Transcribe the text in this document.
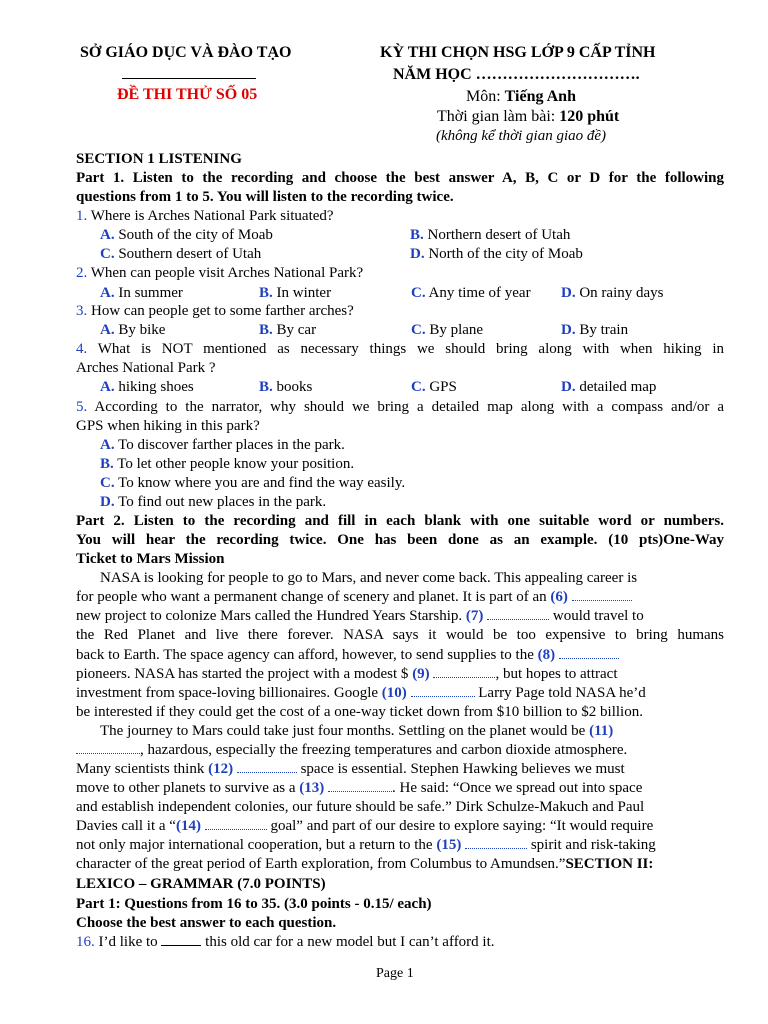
SỞ GIÁO DỤC VÀ ĐÀO TẠO
ĐỀ THI THỬ SỐ 05
KỲ THI CHỌN HSG LỚP 9 CẤP TỈNH
NĂM HỌC ………………………….
Môn: Tiếng Anh
Thời gian làm bài: 120 phút
(không kể thời gian giao đề)
SECTION 1 LISTENING
Part 1. Listen to the recording and choose the best answer A, B, C or D for the following
questions from 1 to 5. You will listen to the recording twice.
1. Where is Arches National Park situated?
A. South of the city of Moab	B. Northern desert of Utah
C. Southern desert of Utah	D. North of the city of Moab
2. When can people visit Arches National Park?
A. In summer	B. In winter	C. Any time of year D. On rainy days
3. How can people get to some farther arches?
A. By bike	B. By car	C. By plane	D. By train
4. What is NOT mentioned as necessary things we should bring along with when hiking in
Arches National Park ?
A. hiking shoes	B. books	C. GPS	D. detailed map
5. According to the narrator, why should we bring a detailed map along with a compass and/or a
GPS when hiking in this park?
A. To discover farther places in the park.
B. To let other people know your position.
C. To know where you are and find the way easily.
D. To find out new places in the park.
Part 2. Listen to the recording and fill in each blank with one suitable word or numbers.
You will hear the recording twice. One has been done as an example. (10 pts)One-Way
Ticket to Mars Mission
NASA is looking for people to go to Mars, and never come back. This appealing career is
for people who want a permanent change of scenery and planet. It is part of an (6)
new project to colonize Mars called the Hundred Years Starship. (7)	would travel to
the Red Planet and live there forever. NASA says it would be too expensive to bring humans
back to Earth. The space agency can afford, however, to send supplies to the (8)
pioneers. NASA has started the project with a modest $ (9)	, but hopes to attract
investment from space-loving billionaires. Google (10)	Larry Page told NASA he’d
be interested if they could get the cost of a one-way ticket down from $10 billion to $2 billion.
The journey to Mars could take just four months. Settling on the planet would be (11)
, hazardous, especially the freezing temperatures and carbon dioxide atmosphere.
Many scientists think (12)	space is essential. Stephen Hawking believes we must
move to other planets to survive as a (13)	. He said: “Once we spread out into space
and establish independent colonies, our future should be safe.” Dirk Schulze-Makuch and Paul
Davies call it a “(14)	goal” and part of our desire to explore saying: “It would require
not only major international cooperation, but a return to the (15)	spirit and risk-taking
character of the great period of Earth exploration, from Columbus to Amundsen.”SECTION II:
LEXICO – GRAMMAR (7.0 POINTS)
Part 1: Questions from 16 to 35. (3.0 points - 0.15/ each)
Choose the best answer to each question.
16. I’d like to	this old car for a new model but I can’t afford it.
Page 1
